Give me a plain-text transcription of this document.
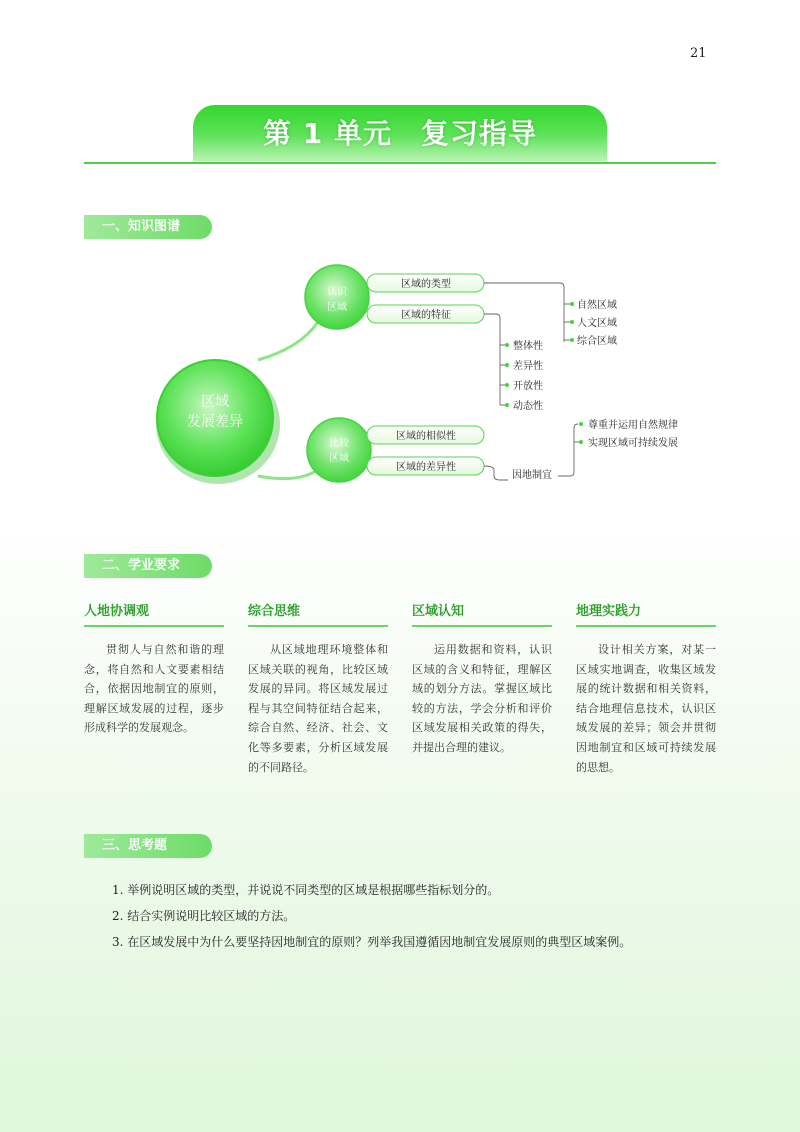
21
第 1 单元　复习指导
一、知识图谱
区域
发展差异
认识
区域
比较
区域
区域的类型
区域的特征
区域的相似性
区域的差异性
自然区域
人文区域
综合区域
整体性
差异性
开放性
动态性
因地制宜
尊重并运用自然规律
实现区域可持续发展
二、学业要求
人地协调观
贯彻人与自然和谐的理念，将自然和人文要素相结合，依据因地制宜的原则，理解区域发展的过程，逐步形成科学的发展观念。
综合思维
从区域地理环境整体和区域关联的视角，比较区域发展的异同。将区域发展过程与其空间特征结合起来，综合自然、经济、社会、文化等多要素，分析区域发展的不同路径。
区域认知
运用数据和资料，认识区域的含义和特征，理解区域的划分方法。掌握区域比较的方法，学会分析和评价区域发展相关政策的得失，并提出合理的建议。
地理实践力
设计相关方案，对某一区域实地调查，收集区域发展的统计数据和相关资料，结合地理信息技术，认识区域发展的差异；领会并贯彻因地制宜和区域可持续发展的思想。
三、思考题
1. 举例说明区域的类型，并说说不同类型的区域是根据哪些指标划分的。
2. 结合实例说明比较区域的方法。
3. 在区域发展中为什么要坚持因地制宜的原则？列举我国遵循因地制宜发展原则的典型区域案例。
